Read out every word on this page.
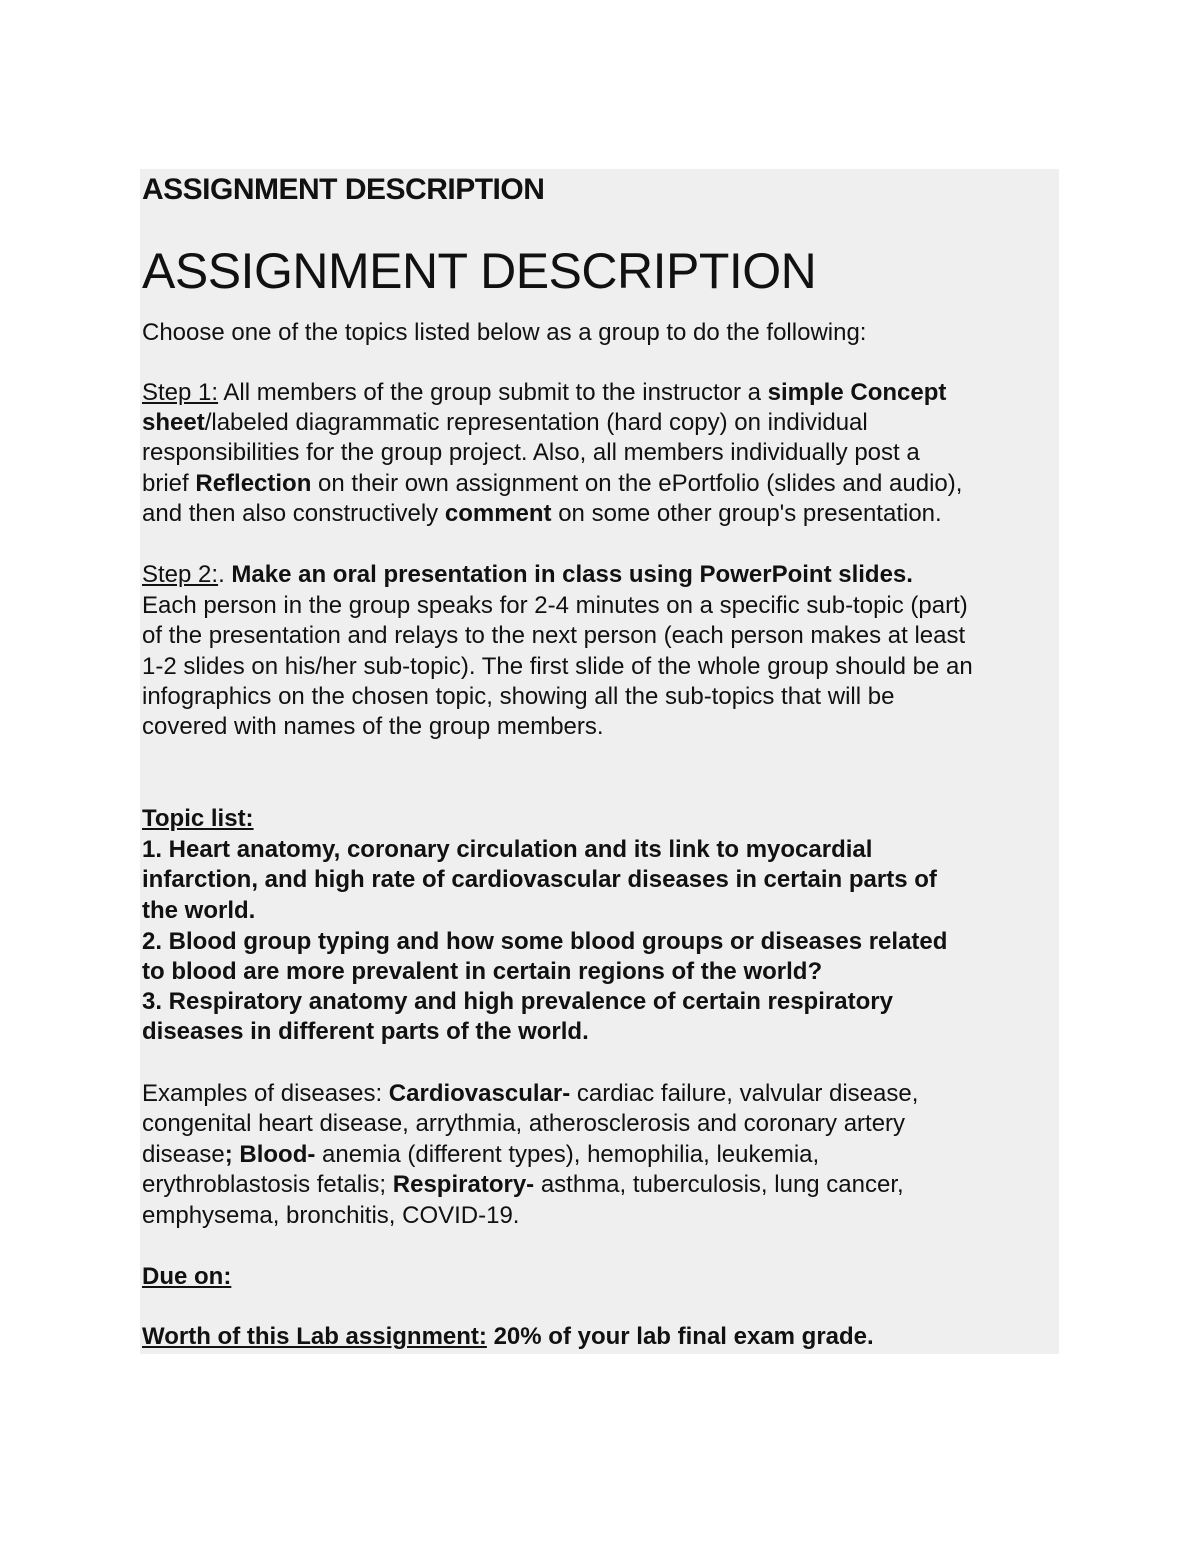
ASSIGNMENT DESCRIPTION
ASSIGNMENT DESCRIPTION
Choose one of the topics listed below as a group to do the following:
Step 1: All members of the group submit to the instructor a simple Concept
sheet/labeled diagrammatic representation (hard copy) on individual
responsibilities for the group project. Also, all members individually post a
brief Reflection on their own assignment on the ePortfolio (slides and audio),
and then also constructively comment on some other group's presentation.
Step 2:. Make an oral presentation in class using PowerPoint slides.
Each person in the group speaks for 2-4 minutes on a specific sub-topic (part)
of the presentation and relays to the next person (each person makes at least
1-2 slides on his/her sub-topic). The first slide of the whole group should be an
infographics on the chosen topic, showing all the sub-topics that will be
covered with names of the group members.
Topic list:
1. Heart anatomy, coronary circulation and its link to myocardial
infarction, and high rate of cardiovascular diseases in certain parts of
the world.
2. Blood group typing and how some blood groups or diseases related
to blood are more prevalent in certain regions of the world?
3. Respiratory anatomy and high prevalence of certain respiratory
diseases in different parts of the world.
Examples of diseases: Cardiovascular- cardiac failure, valvular disease,
congenital heart disease, arrythmia, atherosclerosis and coronary artery
disease; Blood- anemia (different types), hemophilia, leukemia,
erythroblastosis fetalis; Respiratory- asthma, tuberculosis, lung cancer,
emphysema, bronchitis, COVID-19.
Due on:
Worth of this Lab assignment: 20% of your lab final exam grade.
